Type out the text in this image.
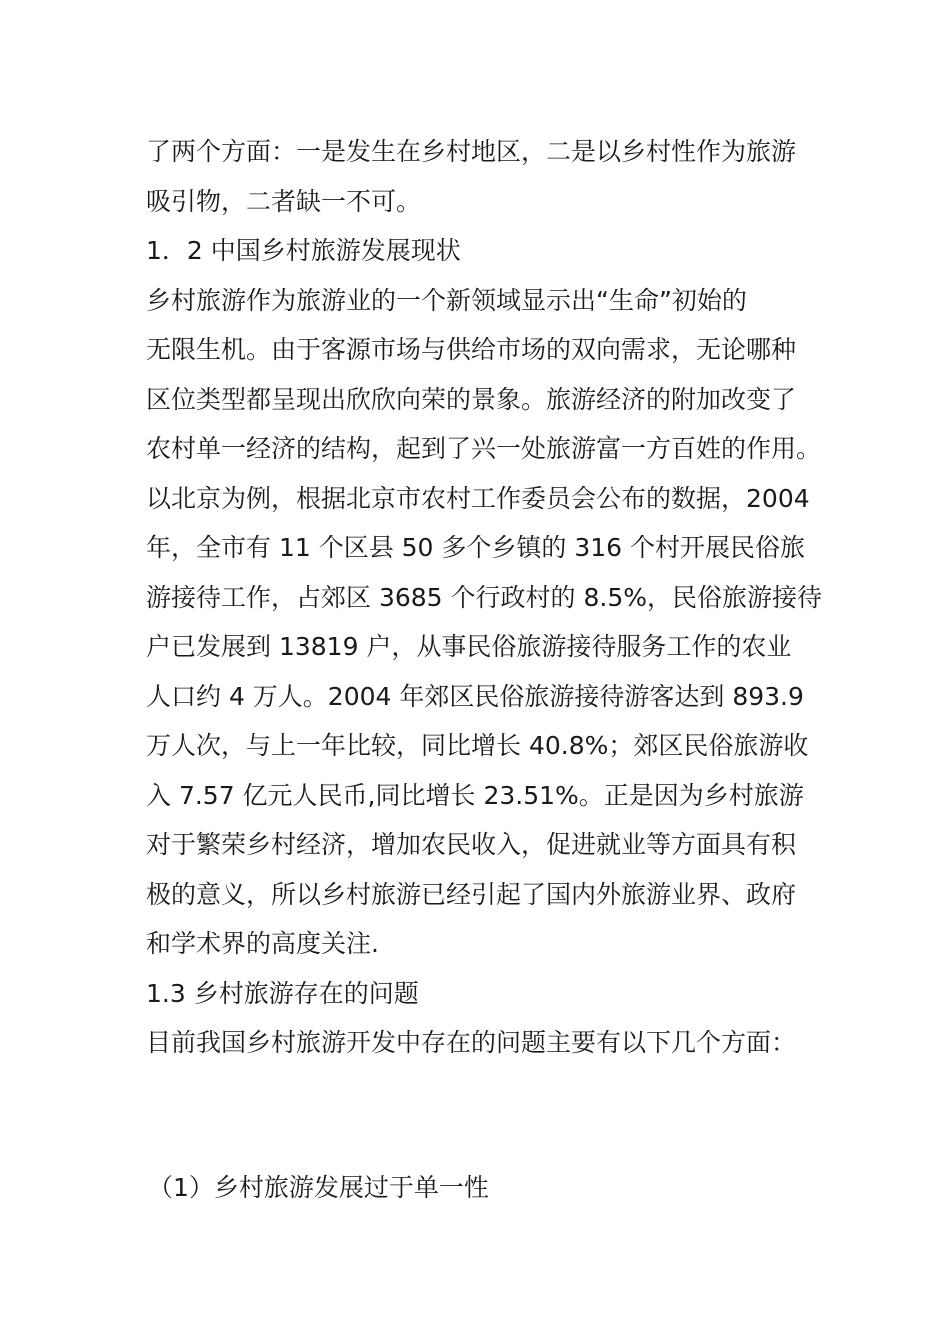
了两个方面：一是发生在乡村地区，二是以乡村性作为旅游
吸引物，二者缺一不可。
1．2 中国乡村旅游发展现状
乡村旅游作为旅游业的一个新领域显示出“生命”初始的
无限生机。由于客源市场与供给市场的双向需求，无论哪种
区位类型都呈现出欣欣向荣的景象。旅游经济的附加改变了
农村单一经济的结构，起到了兴一处旅游富一方百姓的作用。
以北京为例，根据北京市农村工作委员会公布的数据，2004
年，全市有 11 个区县 50 多个乡镇的 316 个村开展民俗旅
游接待工作，占郊区 3685 个行政村的 8.5%，民俗旅游接待
户已发展到 13819 户，从事民俗旅游接待服务工作的农业
人口约 4 万人。2004 年郊区民俗旅游接待游客达到 893.9
万人次，与上一年比较，同比增长 40.8%；郊区民俗旅游收
入 7.57 亿元人民币,同比增长 23.51%。正是因为乡村旅游
对于繁荣乡村经济，增加农民收入，促进就业等方面具有积
极的意义，所以乡村旅游已经引起了国内外旅游业界、政府
和学术界的高度关注.
1.3 乡村旅游存在的问题
目前我国乡村旅游开发中存在的问题主要有以下几个方面：
（1）乡村旅游发展过于单一性
